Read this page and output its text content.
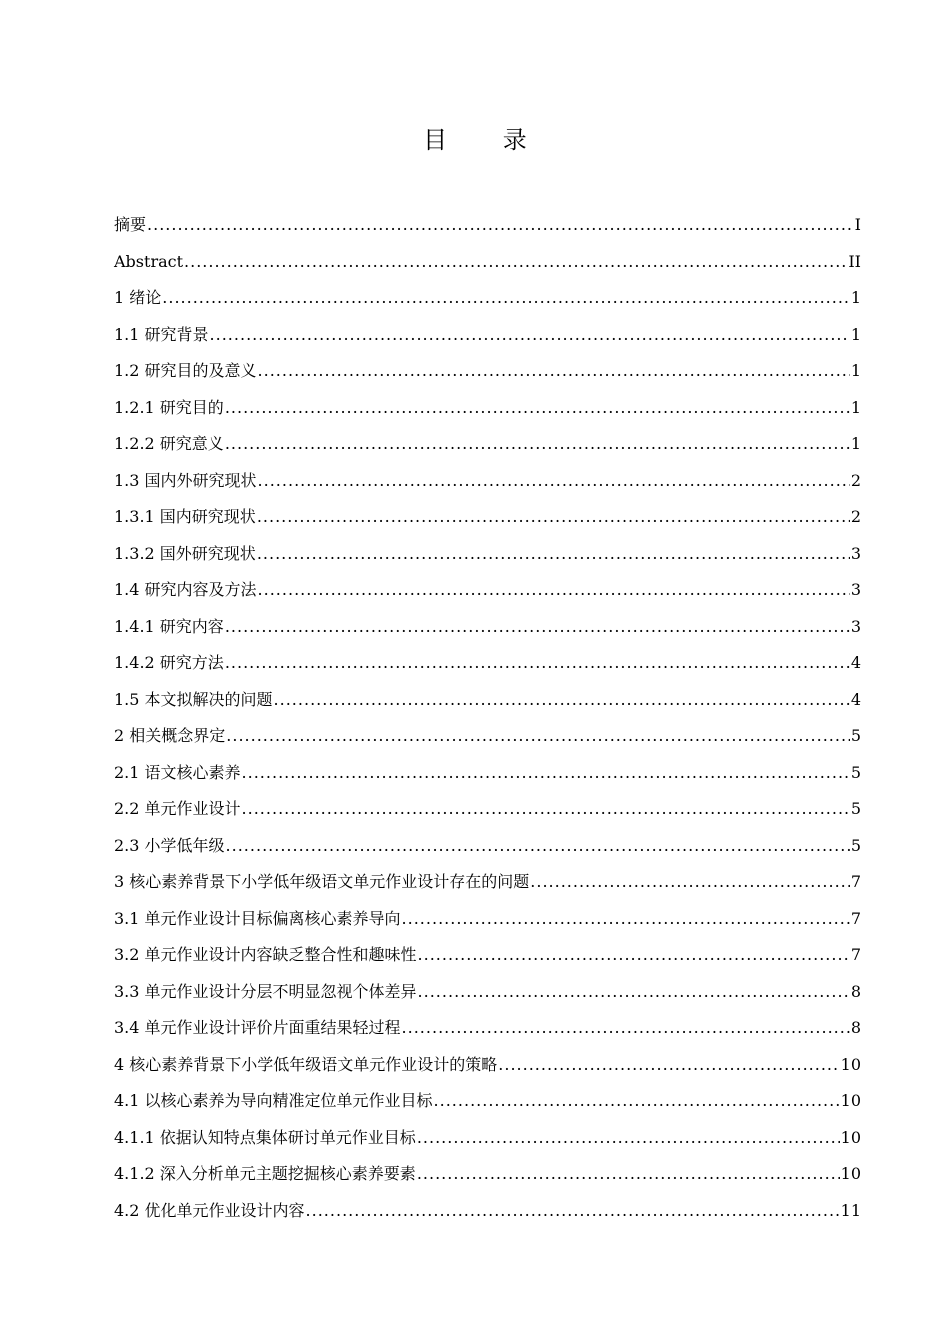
目 录
摘要 .....	I
Abstract .....	II
1 绪论 .....	1
1.1 研究背景 .....	1
1.2 研究目的及意义 .....	1
1.2.1 研究目的 .....	1
1.2.2 研究意义 .....	1
1.3 国内外研究现状 .....	2
1.3.1 国内研究现状 .....	2
1.3.2 国外研究现状 .....	3
1.4 研究内容及方法 .....	3
1.4.1 研究内容 .....	3
1.4.2 研究方法 .....	4
1.5 本文拟解决的问题 .....	4
2 相关概念界定 .....	5
2.1 语文核心素养 .....	5
2.2 单元作业设计 .....	5
2.3 小学低年级 .....	5
3 核心素养背景下小学低年级语文单元作业设计存在的问题 .....	7
3.1 单元作业设计目标偏离核心素养导向 .....	7
3.2 单元作业设计内容缺乏整合性和趣味性 .....	7
3.3 单元作业设计分层不明显忽视个体差异 .....	8
3.4 单元作业设计评价片面重结果轻过程 .....	8
4 核心素养背景下小学低年级语文单元作业设计的策略 .....	10
4.1 以核心素养为导向精准定位单元作业目标 .....	10
4.1.1 依据认知特点集体研讨单元作业目标 .....	10
4.1.2 深入分析单元主题挖掘核心素养要素 .....	10
4.2 优化单元作业设计内容 .....	11
